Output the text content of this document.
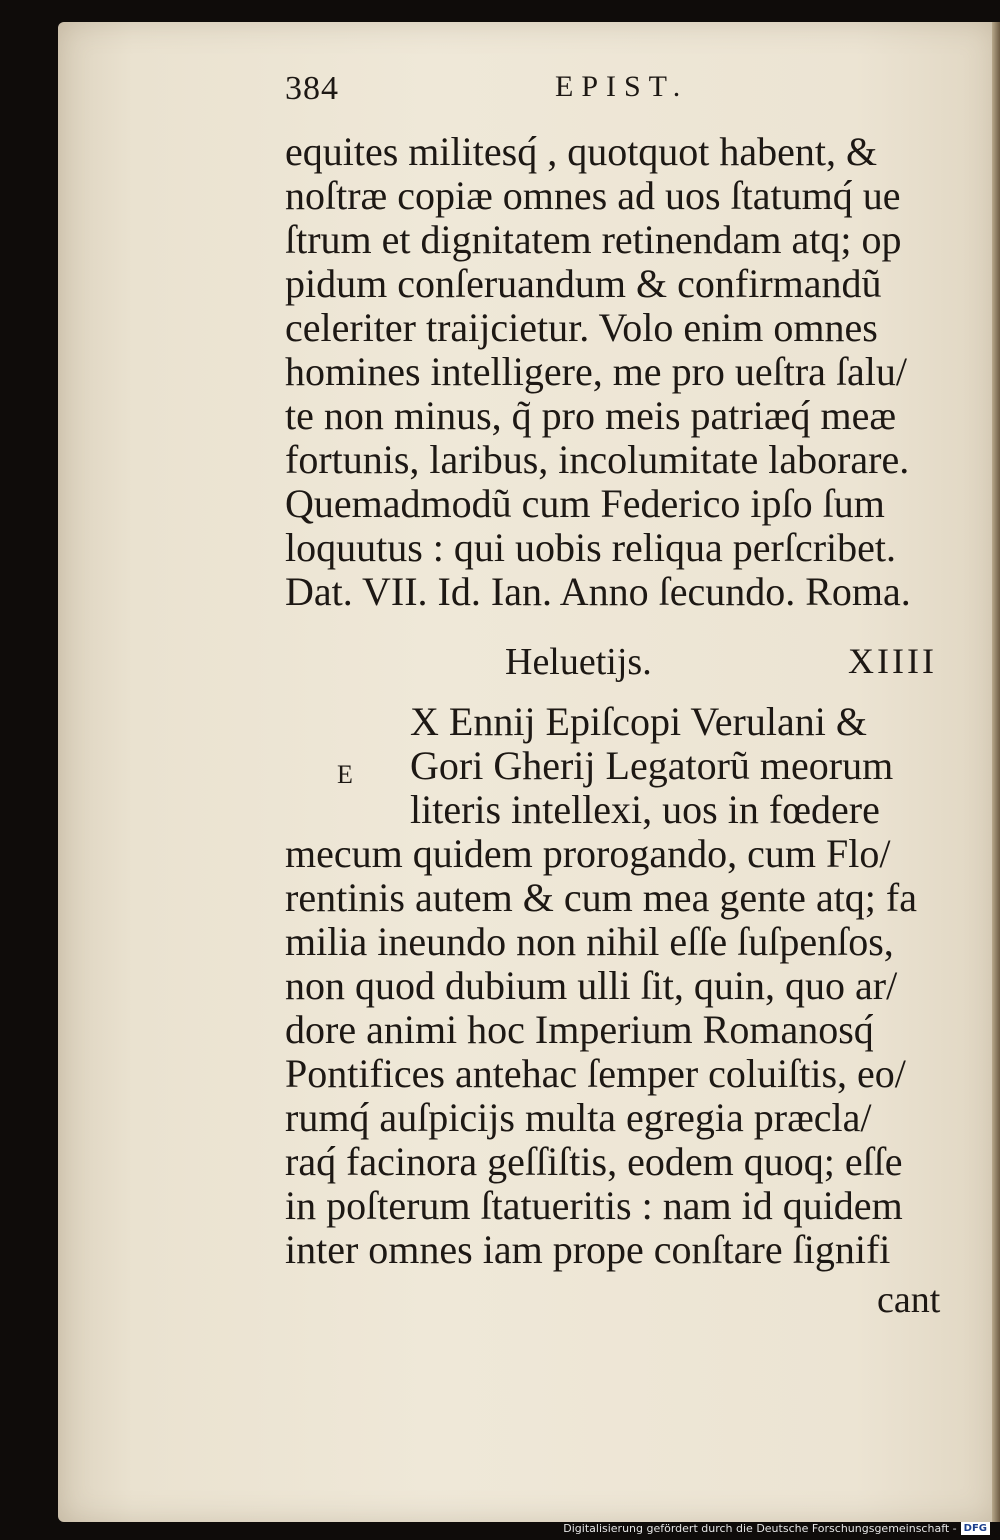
384	EPIST.
equites militesq́ , quotquot habent, &
noſtræ copiæ omnes ad uos ſtatumq́ ue
ſtrum et dignitatem retinendam atq; op
pidum conſeruandum & confirmandũ
celeriter traijcietur. Volo enim omnes
homines intelligere, me pro ueſtra ſalu/
te non minus, q̃ pro meis patriæq́ meæ
fortunis, laribus, incolumitate laborare.
Quemadmodũ cum Federico ipſo ſum
loquutus : qui uobis reliqua perſcribet.
Dat. VII. Id. Ian. Anno ſecundo. Roma.
Heluetijs.	XIIII
E
X Ennij Epiſcopi Verulani &
Gori Gherij Legatorũ meorum
literis intellexi, uos in fœdere
mecum quidem prorogando, cum Flo/
rentinis autem & cum mea gente atq; fa
milia ineundo non nihil eſſe ſuſpenſos,
non quod dubium ulli ſit, quin, quo ar/
dore animi hoc Imperium Romanosq́
Pontifices antehac ſemper coluiſtis, eo/
rumq́ auſpicijs multa egregia præcla/
raq́ facinora geſſiſtis, eodem quoq; eſſe
in poſterum ſtatueritis : nam id quidem
inter omnes iam prope conſtare ſignifi
cant
Digitalisierung gefördert durch die Deutsche Forschungsgemeinschaft - DFG
